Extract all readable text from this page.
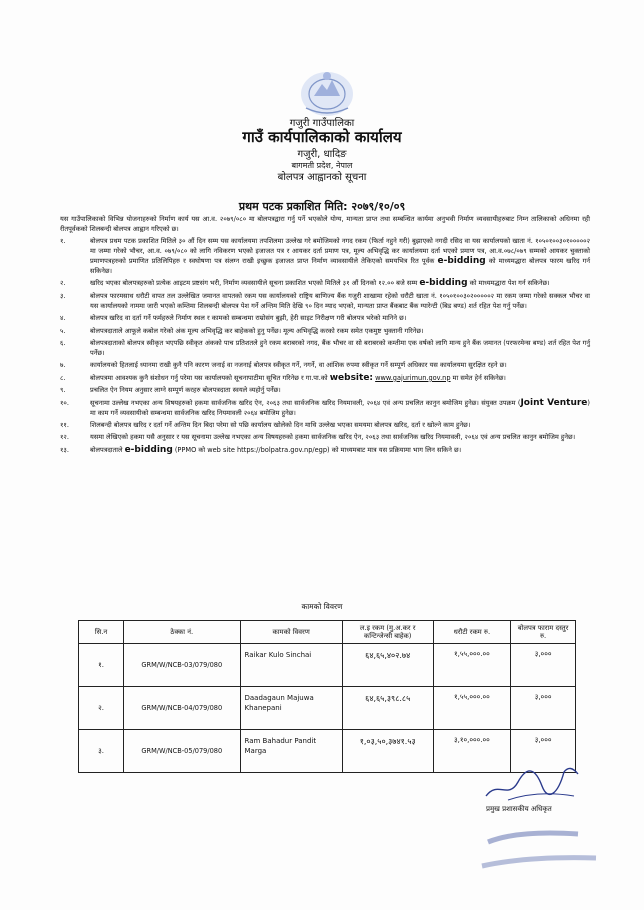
गजुरी गाउँपालिका
गाउँ कार्यपालिकाको कार्यालय
गजुरी, धादिङ
बागमती प्रदेश, नेपाल
बोलपत्र आह्वानको सूचना
प्रथम पटक प्रकाशित मिति: २०७९/१०/०९
यस गाउँपालिकाको विभिन्न योजनाहरुको निर्माण कार्य यस आ.व. २०७९/०८० मा बोलपत्रद्वारा गर्नु पर्ने भएकोले योग्य, मान्यता प्राप्त तथा सम्बन्धित कार्यमा अनुभवी निर्माण व्यवसायीहरुबाट निम्न तालिकाको अधिनमा रही रीतपूर्वकको शिलबन्दी बोलपत्र आह्वान गरिएको छ।
१.	बोलपत्र प्रथम पटक प्रकाशित मितिले ३० औं दिन सम्म यस कार्यालयमा तपशिलमा उल्लेख गरे बमोजिमको नगद रकम (फिर्ता नहुने गरी) बुझाएको नगदी रसिद वा यस कार्यालयको खाता नं. १०५०१००३०१०००००२ मा जम्मा गरेको भौचर, आ.व. ०७९/०८० को लागि नविकरण भएको इजाजत पत्र र आयकर दर्ता प्रमाण पत्र, मूल्य अभिवृद्धि कर कार्यालयमा दर्ता भएको प्रमाण पत्र, आ.व.०७८/०७९ सम्मको आयकर चुक्ताको प्रमाणपत्रहरुको प्रमाणित प्रतिलिपिहरु र स्वघोषणा पत्र संलग्न राखी इच्छुक इजाजत प्राप्त निर्माण व्यावसायीले तेकिएको समयभित्र रित पूर्वक e-bidding को माध्यमद्धारा बोलपत्र फारम खरिद गर्न सकिनेछ।
२.	खरिद भएका बोलपत्रहरुको प्रत्येक आइटम प्रष्टसंग भरी, निर्माण व्यवसायीले सूचना प्रकाशित भएको मितिले ३१ औं दिनको १२.०० बजे सम्म e-bidding को माध्यमद्धारा पेश गर्न सकिनेछ।
३.	बोलपत्र फारमसाथ धरौटी वापत तल उल्लेखित जमानत वापतको रकम यस कार्यालयको राष्ट्रिय बाणिज्य बैंक गजुरी शाखामा रहेको धरौटी खाता नं. १०५०१००३०२०००००२ मा रकम जम्मा गरेको सक्कल भौचर वा यस कार्यालयको नाममा जारी भएको कम्तिमा शिलबन्दी बोलपत्र पेश गर्ने अन्तिम मिति देखि ९० दिन म्याद भएको, मान्यता प्राप्त बैंकबाट बैंक ग्यारेन्टी (बिड बण्ड) शर्त रहित पेश गर्नु पर्नेछ।
४.	बोलपत्र खरिद वा दर्ता गर्ने फर्महरुले निर्माण स्थल र कामको सम्बन्धमा राम्रोसंग बुझी, हेरी साइट निरीक्षण गरी बोलपत्र भरेको मानिने छ।
५.	बोलपत्रदाताले आफूले कबोल गरेको अंक मूल्य अभिवृद्धि कर बाहेकको हुनु पर्नेछ। मूल्य अभिवृद्धि करको रकम समेत एकमुष्ट भुक्तानी गरिनेछ।
६.	बोलपत्रदाताको बोलपत्र स्वीकृत भएपछि स्वीकृत अंकको पाच प्रतिशतले हुने रकम बराबरको नगद, बैंक भौचर वा सो बराबरको कम्तीमा एक वर्षको लागि मान्य हुने बैंक जमानत (परफरमेन्स बण्ड) शर्त रहित पेश गर्नु पर्नेछ।
७.	कार्यालयको हितलाई ध्यानमा राखी कुनै पनि कारण जनाई वा नजनाई बोलपत्र स्वीकृत गर्ने, नगर्ने, वा आंशिक रुपमा स्वीकृत गर्ने सम्पूर्ण अधिकार यस कार्यालयमा सुरक्षित रहने छ।
८.	बोलपत्रमा आवश्यक कुनै संशोधन गर्नु परेमा यस कार्यालयको सूचनापाटीमा सूचित गरिनेछ र गा.पा.को website: www.gajurimun.gov.np मा समेत हेर्न सकिनेछ।
९.	प्रचलित ऐन नियम अनुसार लाग्ने सम्पूर्ण करहरु बोलपत्रदाता स्वयले व्यहोर्नु पर्नेछ।
१०.	सूचनामा उल्लेख नभएका अन्य विषयहरुको हकमा सार्वजनिक खरिद ऐन, २०६३ तथा सार्वजनिक खरिद नियमावली, २०६४ एवं अन्य प्रचलित कानुन बमोजिम हुनेछ। संयुक्त उपक्रम (Joint Venture) मा काम गर्ने व्यवसायीको सम्बन्धमा सार्वजनिक खरिद नियमावली २०६४ बमोजिम हुनेछ।
११.	शिलबन्दी बोलपत्र खरिद र दर्ता गर्ने अन्तिम दिन बिदा परेमा सो पछि कार्यालय खोलेको दिन माथि उल्लेख भएका समयमा बोलपत्र खरिद, दर्ता र खोल्ने काम हुनेछ।
१२.	यसमा लेखिएको हकमा यसै अनुसार र यस सूचनामा उल्लेख नभएका अन्य विषयहरुको हकमा सार्वजनिक खरिद ऐन, २०६३ तथा सार्वजनिक खरिद नियमावली, २०६४ एवं अन्य प्रचलित कानुन बमोजिम हुनेछ।
१३.	बोलपत्रदाताले e-bidding (PPMO को web site https://bolpatra.gov.np/egp) को माध्यमबाट मात्र यस प्रक्रियामा भाग लिन सकिने छ।
कामको विवरण
सि.न	ठेक्का नं.	कामको विवरण	ल.इ रकम (मु.अ.कर र कन्टिन्जेन्सी बाहेक)	धरौटी रकम रु.	बोलपत्र फाराम दस्तुर रु.
१.	GRM/W/NCB-03/079/080	Raikar Kulo Sinchai	६४,६५,४०२.७४	१,५५,०००.००	३,०००
२.	GRM/W/NCB-04/079/080	Daadagaun Majuwa Khanepani	६४,६५,३९८.८५	१,५५,०००.००	३,०००
३.	GRM/W/NCB-05/079/080	Ram Bahadur Pandit Marga	१,०३,५०,३७४१.५३	३,१०,०००.००	३,०००
प्रमुख प्रशासकीय अधिकृत
